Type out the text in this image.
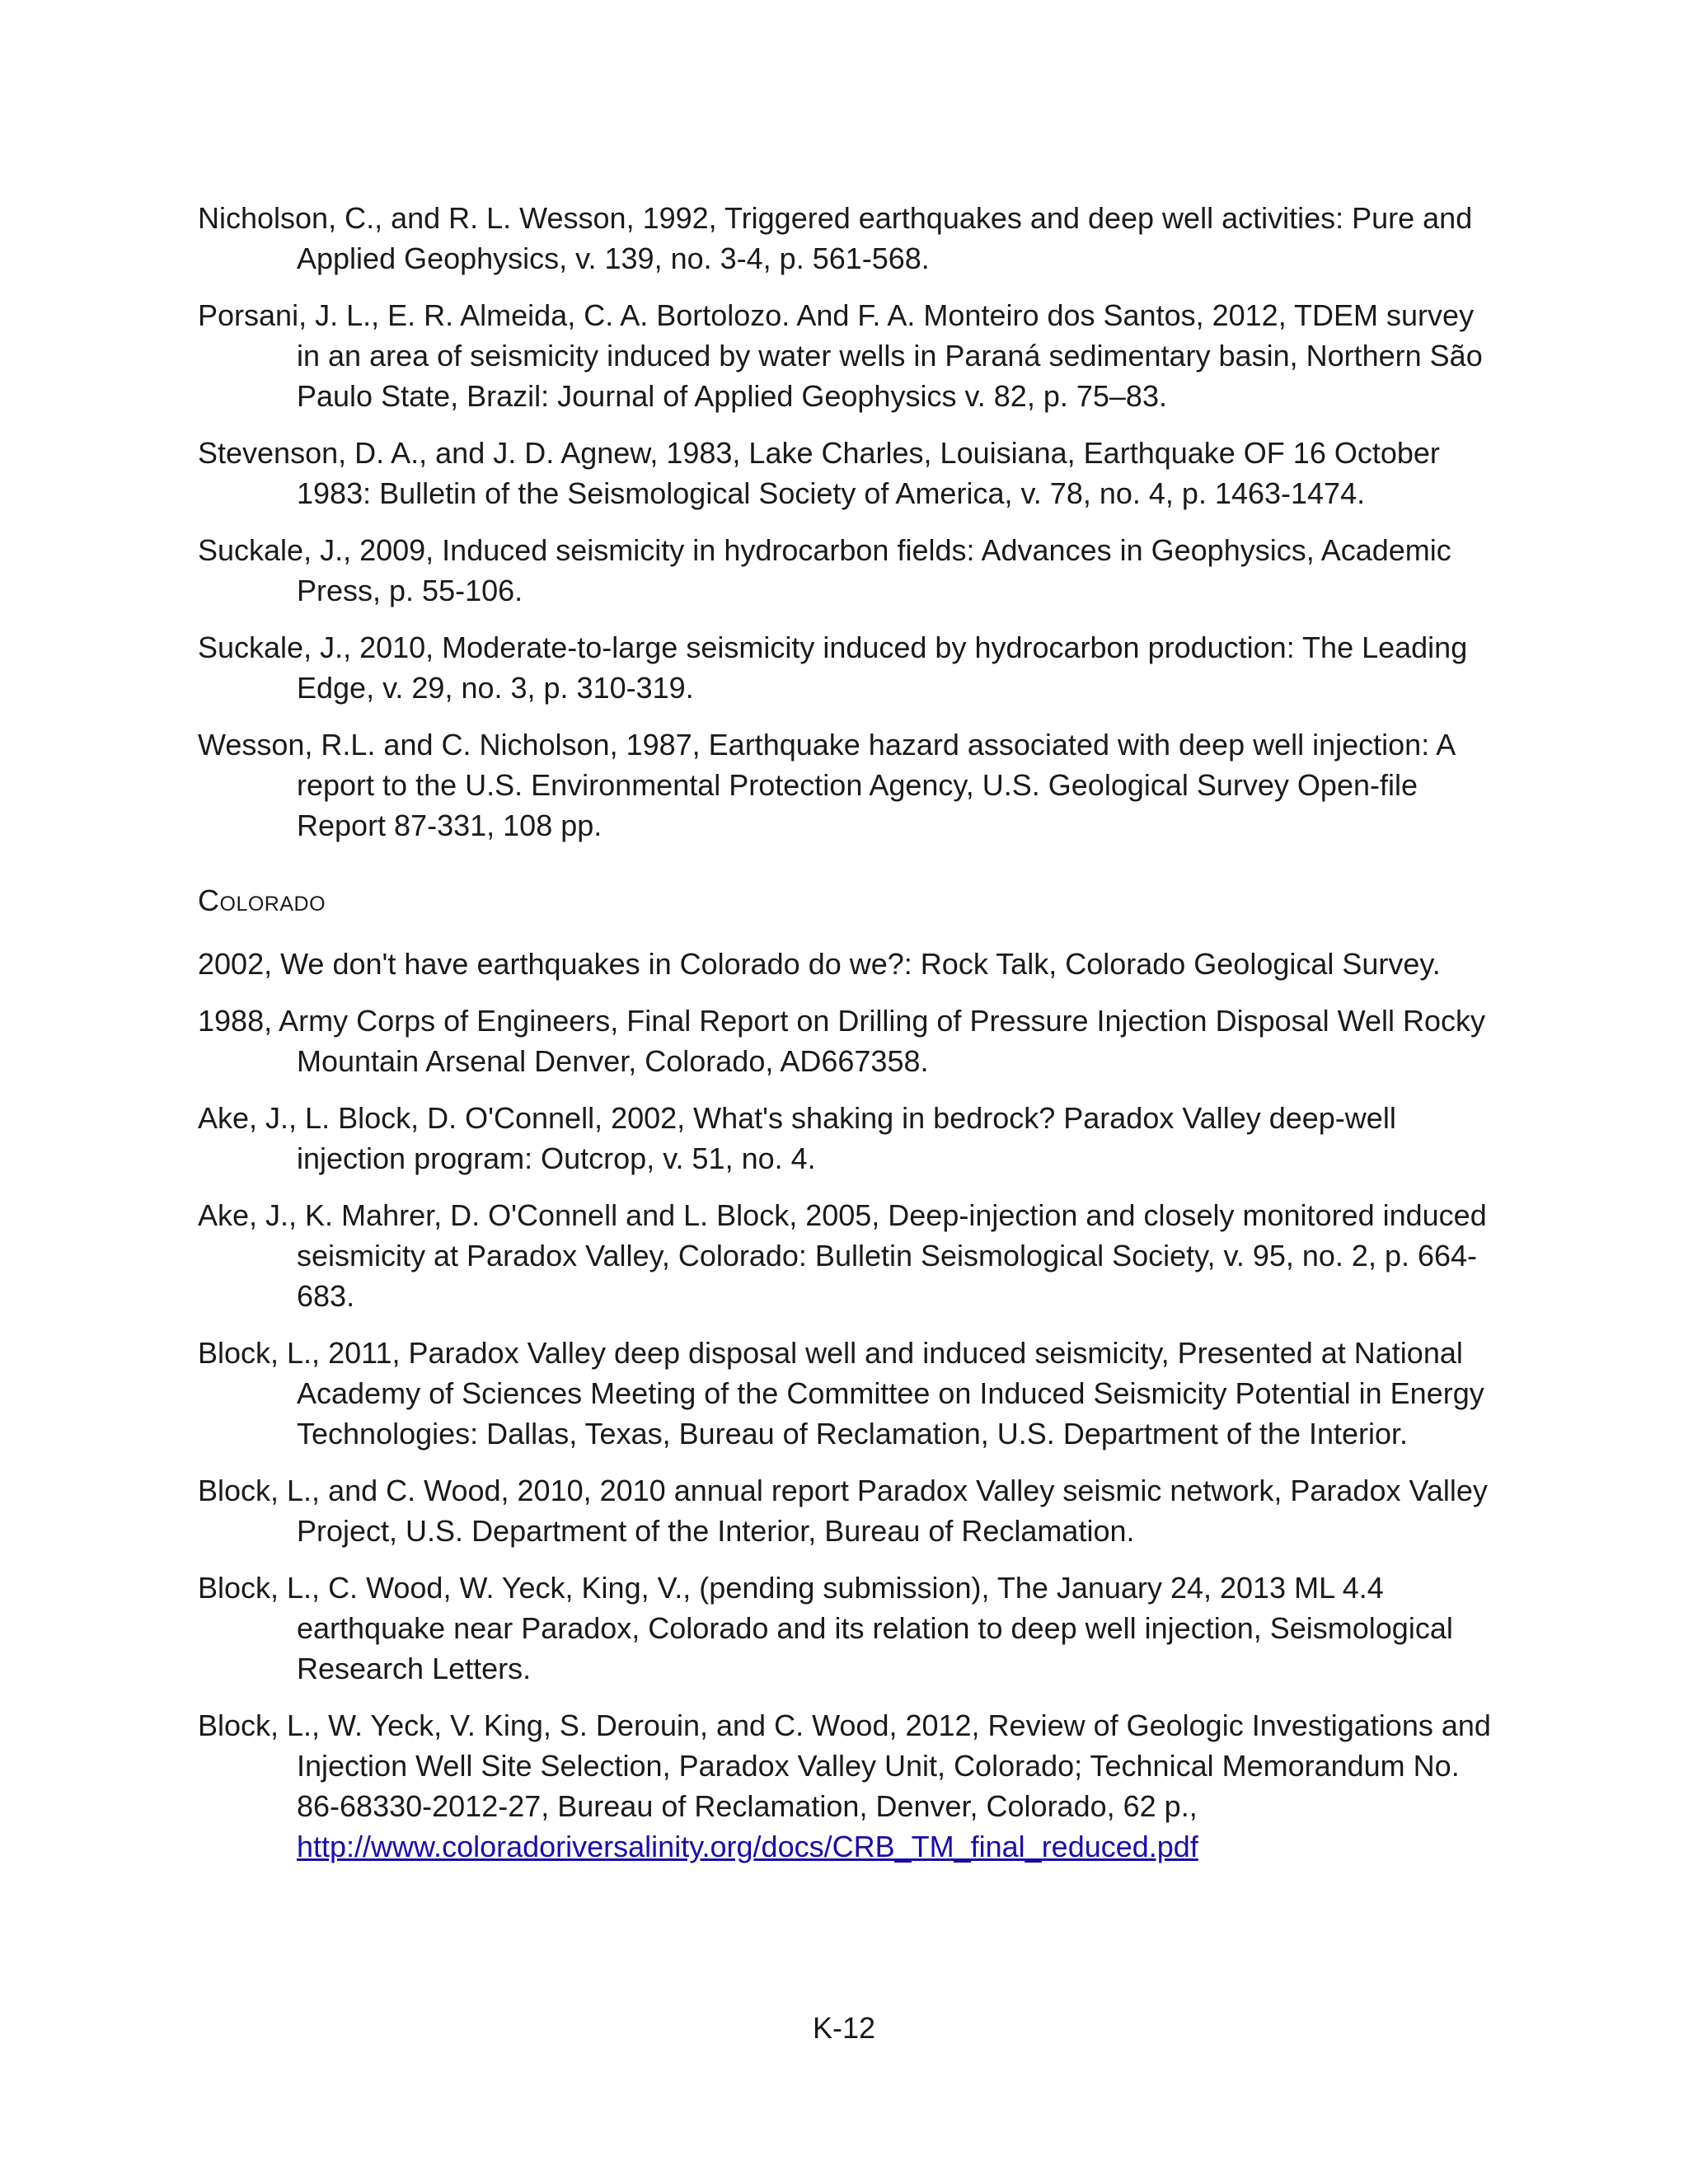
Nicholson, C., and R. L. Wesson, 1992, Triggered earthquakes and deep well activities: Pure and Applied Geophysics, v. 139, no. 3-4, p. 561-568.

Porsani, J. L., E. R. Almeida, C. A. Bortolozo. And F. A. Monteiro dos Santos, 2012, TDEM survey in an area of seismicity induced by water wells in Paraná sedimentary basin, Northern São Paulo State, Brazil: Journal of Applied Geophysics v. 82, p. 75–83.

Stevenson, D. A., and J. D. Agnew, 1983, Lake Charles, Louisiana, Earthquake OF 16 October 1983: Bulletin of the Seismological Society of America, v. 78, no. 4, p. 1463-1474.

Suckale, J., 2009, Induced seismicity in hydrocarbon fields: Advances in Geophysics, Academic Press, p. 55-106.

Suckale, J., 2010, Moderate-to-large seismicity induced by hydrocarbon production: The Leading Edge, v. 29, no. 3, p. 310-319.

Wesson, R.L. and C. Nicholson, 1987, Earthquake hazard associated with deep well injection: A report to the U.S. Environmental Protection Agency, U.S. Geological Survey Open-file Report 87-331, 108 pp.

Colorado

2002, We don't have earthquakes in Colorado do we?: Rock Talk, Colorado Geological Survey.

1988, Army Corps of Engineers, Final Report on Drilling of Pressure Injection Disposal Well Rocky Mountain Arsenal Denver, Colorado, AD667358.

Ake, J., L. Block, D. O'Connell, 2002, What's shaking in bedrock? Paradox Valley deep-well injection program: Outcrop, v. 51, no. 4.

Ake, J., K. Mahrer, D. O'Connell and L. Block, 2005, Deep-injection and closely monitored induced seismicity at Paradox Valley, Colorado: Bulletin Seismological Society, v. 95, no. 2, p. 664-683.

Block, L., 2011, Paradox Valley deep disposal well and induced seismicity, Presented at National Academy of Sciences Meeting of the Committee on Induced Seismicity Potential in Energy Technologies: Dallas, Texas, Bureau of Reclamation, U.S. Department of the Interior.

Block, L., and C. Wood, 2010, 2010 annual report Paradox Valley seismic network, Paradox Valley Project, U.S. Department of the Interior, Bureau of Reclamation.

Block, L., C. Wood, W. Yeck, King, V., (pending submission), The January 24, 2013 ML 4.4 earthquake near Paradox, Colorado and its relation to deep well injection, Seismological Research Letters.

Block, L., W. Yeck, V. King, S. Derouin, and C. Wood, 2012, Review of Geologic Investigations and Injection Well Site Selection, Paradox Valley Unit, Colorado; Technical Memorandum No. 86-68330-2012-27, Bureau of Reclamation, Denver, Colorado, 62 p., http://www.coloradoriversalinity.org/docs/CRB_TM_final_reduced.pdf

K-12
